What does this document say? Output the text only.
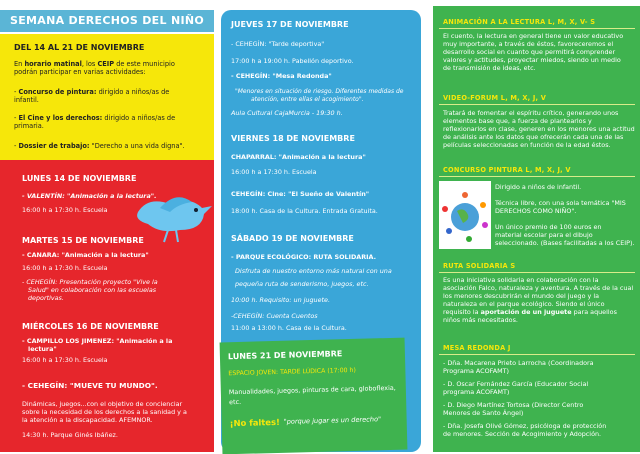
SEMANA DERECHOS DEL NIÑO
DEL 14 AL 21 DE NOVIEMBRE
En horario matinal, los CEIP de este municipio
podrán participar en varias actividades:
- Concurso de pintura: dirigido a niños/as de
infantil.
- El Cine y los derechos: dirigido a niños/as de
primaria.
- Dossier de trabajo: "Derecho a una vida digna".
LUNES 14 DE NOVIEMBRE
- VALENTÍN: "Animación a la lectura".
16:00 h a 17:30 h. Escuela
MARTES 15 DE NOVIEMBRE
- CANARA: "Animación a la lectura"
16:00 h a 17:30 h. Escuela
- CEHEGÍN: Presentación proyecto "Vive la
Salud" en colaboración con las escuelas
deportivas.
MIÉRCOLES 16 DE NOVIEMBRE
- CAMPILLO LOS JIMENEZ: "Animación a la
lectura"
16:00 h a 17:30 h. Escuela
- CEHEGÍN: "MUEVE TU MUNDO".
Dinámicas, juegos...con el objetivo de concienciar
sobre la necesidad de los derechos a la sanidad y a
la atención a la discapacidad. AFEMNOR.
14:30 h. Parque Ginés Ibáñez.
JUEVES 17 DE NOVIEMBRE
- CEHEGÍN: "Tarde deportiva"
17:00 h a 19:00 h. Pabellón deportivo.
- CEHEGÍN: "Mesa Redonda"
"Menores en situación de riesgo. Diferentes medidas de
atención, entre ellas el acogimiento".
Aula Cultural CajaMurcia - 19:30 h.
VIERNES 18 DE NOVIEMBRE
CHAPARRAL: "Animación a la lectura"
16:00 h a 17:30 h. Escuela
CEHEGÍN: Cine: "El Sueño de Valentín"
18:00 h. Casa de la Cultura. Entrada Gratuita.
SÁBADO 19 DE NOVIEMBRE
- PARQUE ECOLÓGICO: RUTA SOLIDARIA.
Disfruta de nuestro entorno más natural con una
pequeña ruta de senderismo, juegos, etc.
10:00 h. Requisito: un juguete.
-CEHEGÍN: Cuenta Cuentos
11:00 a 13:00 h. Casa de la Cultura.
LUNES 21 DE NOVIEMBRE
ESPACIO JOVEN: TARDE LÚDICA (17:00 h)
Manualidades, juegos, pinturas de cara, globoflexia,
etc.
¡No faltes! "porque jugar es un derecho"
ANIMACIÓN A LA LECTURA L, M, X, V- S
El cuento, la lectura en general tiene un valor educativo
muy importante, a través de éstos, favoreceremos el
desarrollo social en cuanto que permitirá comprender
valores y actitudes, proyectar miedos, siendo un medio
de transmisión de ideas, etc.
VIDEO-FORUM L, M, X, J, V
Tratará de fomentar el espíritu crítico, generando unos
elementos base que, a fuerza de plantearlos y
reflexionarlos en clase, generen en los menores una actitud
de análisis ante los datos que ofrecerán cada una de las
películas seleccionadas en función de la edad éstos.
CONCURSO PINTURA L, M, X, J, V
Dirigido a niños de infantil.

Técnica libre, con una sola temática "MIS
DERECHOS COMO NIÑO".

Un único premio de 100 euros en
material escolar para el dibujo
seleccionado. (Bases facilitadas a los CEIP).
RUTA SOLIDARIA S
Es una iniciativa solidaria en colaboración con la
asociación Falco, naturaleza y aventura. A través de la cual
los menores descubrirán el mundo del juego y la
naturaleza en el parque ecológico. Siendo el único
requisito la aportación de un juguete para aquellos
niños más necesitados.
MESA REDONDA J
- Dña. Macarena Prieto Larrocha (Coordinadora
Programa ACOFAMT)
- D. Oscar Fernández García (Educador Social
programa ACOFAMT)
- D. Diego Martínez Tortosa (Director Centro
Menores de Santo Ángel)
- Dña. Josefa Olivé Gómez, psicóloga de protección
de menores. Sección de Acogimiento y Adopción.
